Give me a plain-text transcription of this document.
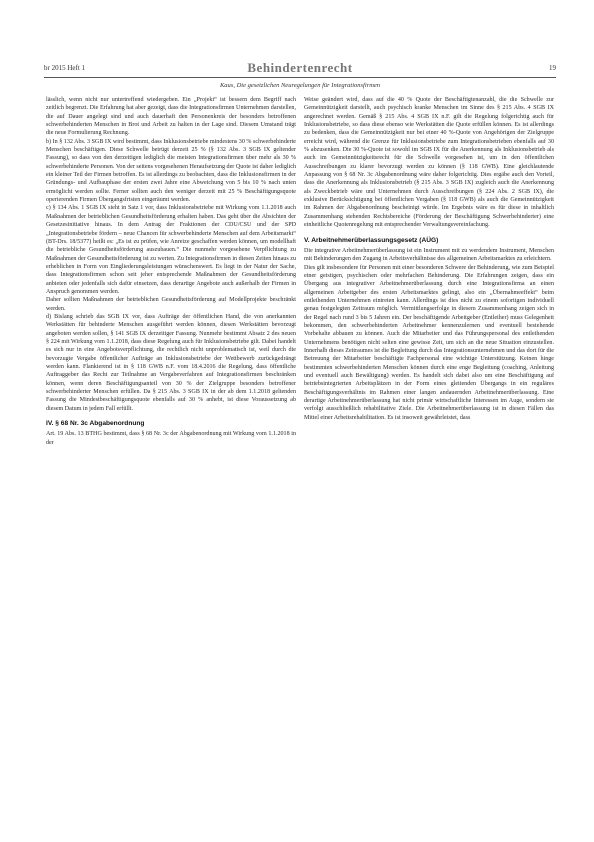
br 2015 Heft 1	Behindertenrecht	19
Kaus, Die gesetzlichen Neuregelungen für Integrationsfirmen

lässlich, wenn nicht nur untertreffend wiedergeben. Ein „Projekt“ ist bessern dem Begriff nach zeitlich begrenzt. Die Erfahrung hat aber gezeigt, dass die Integrationsfirmen Unternehmen darstellen, die auf Dauer angelegt sind und auch dauerhaft den Personenkreis der besonders betroffenen schwerbehinderten Menschen in Brot und Arbeit zu halten in der Lage sind. Diesem Umstand trägt die neue Formulierung Rechnung.

b) In § 132 Abs. 3 SGB IX wird bestimmt, dass Inklusionsbetriebe mindestens 30 % schwerbehinderte Menschen beschäftigen. Diese Schwelle betrügt derzeit 25 % (§ 132 Abs. 3 SGB IX geltender Fassung), so dass von den derzeitigen lediglich die meisten Integrationsfirmen über mehr als 30 % schwerbehinderte Personen. Von der seitens vorgesehenen Heraufsetzung der Quote ist daher lediglich ein kleiner Teil der Firmen betroffen. Es ist allerdings zu beobachten, dass die Inklusionsfirmen in der Gründungs- und Aufbauphase der ersten zwei Jahre eine Abweichung von 5 bis 10 % nach unten ermöglicht werden sollte. Ferner sollten auch den weniger derzeit mit 25 % Beschäftigungsquote operierenden Firmen Übergangsfristen eingeräumt werden.

c) § 134 Abs. 1 SGB IX sieht in Satz 1 vor, dass Inklusionsbetriebe mit Wirkung vom 1.1.2018 auch Maßnahmen der betrieblichen Gesundheitsförderung erhalten haben. Das geht über die Absichten der Gesetzesinitiative hinaus. In dem Antrag der Fraktionen der CDU/CSU und der SPD „Integrationsbetriebe fördern – neue Chancen für schwerbehinderte Menschen auf dem Arbeitsmarkt“ (BT-Drs. 18/5377) heißt es: „Es ist zu prüfen, wie Anreize geschaffen werden können, um modellhaft die betriebliche Gesundheitsförderung auszubauen.“ Die nunmehr vorgesehene Verpflichtung zu Maßnahmen der Gesundheitsförderung ist zu werten. Zu Integrationsfirmen in diesen Zeiten hinaus zu erheblichen in Form von Eingliederungsleistungen wünschenswert. Es liegt in der Natur der Sache, dass Integrationsfirmen schon seit jeher entsprechende Maßnahmen der Gesundheitsförderung anbieten oder jedenfalls sich dafür einsetzen, dass derartige Angebote auch außerhalb der Firmen in Anspruch genommen werden.

Daher sollten Maßnahmen der betrieblichen Gesundheitsförderung auf Modellprojekte beschränkt werden.

d) Bislang schrieb das SGB IX vor, dass Aufträge der öffentlichen Hand, die von anerkannten Werkstätten für behinderte Menschen ausgeführt werden können, diesen Werkstätten bevorzugt angeboten werden sollen, § 141 SGB IX derzeitiger Fassung. Nunmehr bestimmt Absatz 2 des neuen § 224 mit Wirkung vom 1.1.2018, dass diese Regelung auch für Inklusionsbetriebe gilt. Dabei handelt es sich nur in eine Angebotsverpflichtung, die rechtlich nicht unproblematisch ist, weil durch die bevorzugte Vergabe öffentlicher Aufträge an Inklusionsbetriebe der Wettbewerb zurückgedrängt werden kann. Flankierend ist in § 118 GWB n.F. vom 18.4.2016 die Regelung, dass öffentliche Auftraggeber das Recht zur Teilnahme an Vergabeverfahren auf Integrationsfirmen beschränken können, wenn deren Beschäftigungsanteil von 30 % der Zielgruppe besonders betroffener schwerbehinderter Menschen erfüllen. Da § 215 Abs. 3 SGB IX in der ab dem 1.1.2018 geltenden Fassung die Mindestbeschäftigungsquote ebenfalls auf 30 % anhebt, ist diese Voraussetzung ab diesem Datum in jedem Fall erfüllt.

IV. § 68 Nr. 3c Abgabenordnung

Art. 19 Abs. 13 BTHG bestimmt, dass § 68 Nr. 3c der Abgabenordnung mit Wirkung vom 1.1.2018 in der

Weise geändert wird, dass auf die 40 % Quote der Beschäftigtenanzahl, die die Schwelle zur Gemeinnützigkeit darstellt, auch psychisch kranke Menschen im Sinne des § 215 Abs. 4 SGB IX angerechnet werden. Gemäß § 215 Abs. 4 SGB IX n.F. gilt die Regelung folgerichtig auch für Inklusionsbetriebe, so dass diese ebenso wie Werkstätten die Quote erfüllen können. Es ist allerdings zu bedenken, dass die Gemeinnützigkeit nur bei einer 40 %-Quote von Angehörigen der Zielgruppe erreicht wird, während die Grenze für Inklusionsbetriebe zum Integrationsbetrieben ebenfalls auf 30 % abzusenken. Die 30 %-Quote ist sowohl im SGB IX für die Anerkennung als Inklusionsbetrieb als auch im Gemeinnützigkeitsrecht für die Schwelle vorgesehen ist, um in den öffentlichen Ausschreibungen zu klarer bevorzugt werden zu können (§ 118 GWB). Eine gleichlautende Anpassung von § 68 Nr. 3c Abgabenordnung wäre daher folgerichtig. Dies ergäbe auch den Vorteil, dass die Anerkennung als Inklusionsbetrieb (§ 215 Abs. 3 SGB IX) zugleich auch die Anerkennung als Zweckbetrieb wäre und Unternehmen durch Ausschreibungen (§ 224 Abs. 2 SGB IX), die exklusive Berücksichtigung bei öffentlichen Vergaben (§ 118 GWB) als auch die Gemeinnützigkeit im Rahmen der Abgabenordnung bescheinigt würde. Im Ergebnis wäre es für diese in inhaltlich Zusammenhang stehenden Rechtsbereiche (Förderung der Beschäftigung Schwerbehinderter) eine einheitliche Quotenregelung mit entsprechender Verwaltungsvereinfachung.

V. Arbeitnehmerüberlassungsgesetz (AÜG)

Die integrative Arbeitnehmerüberlassung ist ein Instrument mit zu werdendem Instrument, Menschen mit Behinderungen den Zugang in Arbeitsverhältnisse des allgemeinen Arbeitsmarktes zu erleichtern.

Dies gilt insbesondere für Personen mit einer besonderen Schwere der Behinderung, wie zum Beispiel einer geistigen, psychischen oder mehrfachen Behinderung. Die Erfahrungen zeigen, dass ein Übergang aus integrativer Arbeitnehmerüberlassung durch eine Integrationsfirma an einen allgemeinen Arbeitgeber des ersten Arbeitsmarktes gelingt, also ein „Übernahmeeffekt“ beim entleihenden Unternehmen eintreten kann. Allerdings ist dies nicht zu einem sofortigen individuell genau festgelegten Zeitraum möglich. Vermittlungserfolge in diesem Zusammenhang zeigen sich in der Regel nach rund 3 bis 5 Jahren ein. Der beschäftigende Arbeitgeber (Entleiher) muss Gelegenheit bekommen, den schwerbehinderten Arbeitnehmer kennenzulernen und eventuell bestehende Vorbehalte abbauen zu können. Auch die Mitarbeiter und das Führungspersonal des entleihenden Unternehmens benötigen nicht selten eine gewisse Zeit, um sich an die neue Situation einzustellen. Innerhalb dieses Zeitraumes ist die Begleitung durch das Integrationsunternehmen und das dort für die Betreuung der Mitarbeiter beschäftigte Fachpersonal eine wichtige Unterstützung. Keinen hinge bestimmten schwerbehinderten Menschen können durch eine enge Begleitung (coaching, Anleitung und eventuell auch Bewältigung) werden. Es handelt sich dabei also um eine Beschäftigung auf betriebsintegrierten Arbeitsplätzen in der Form eines gleitenden Übergangs in ein reguläres Beschäftigungsverhältnis im Rahmen einer langen andauernden Arbeitnehmerüberlassung. Eine derartige Arbeitnehmerüberlassung hat nicht primär wirtschaftliche Interessen im Auge, sondern sie verfolgt ausschließlich rehabilitative Ziele. Die Arbeitnehmerüberlassung ist in diesen Fällen das Mittel einer Arbeitsrehabilitation. Es ist insoweit gewährleistet, dass
